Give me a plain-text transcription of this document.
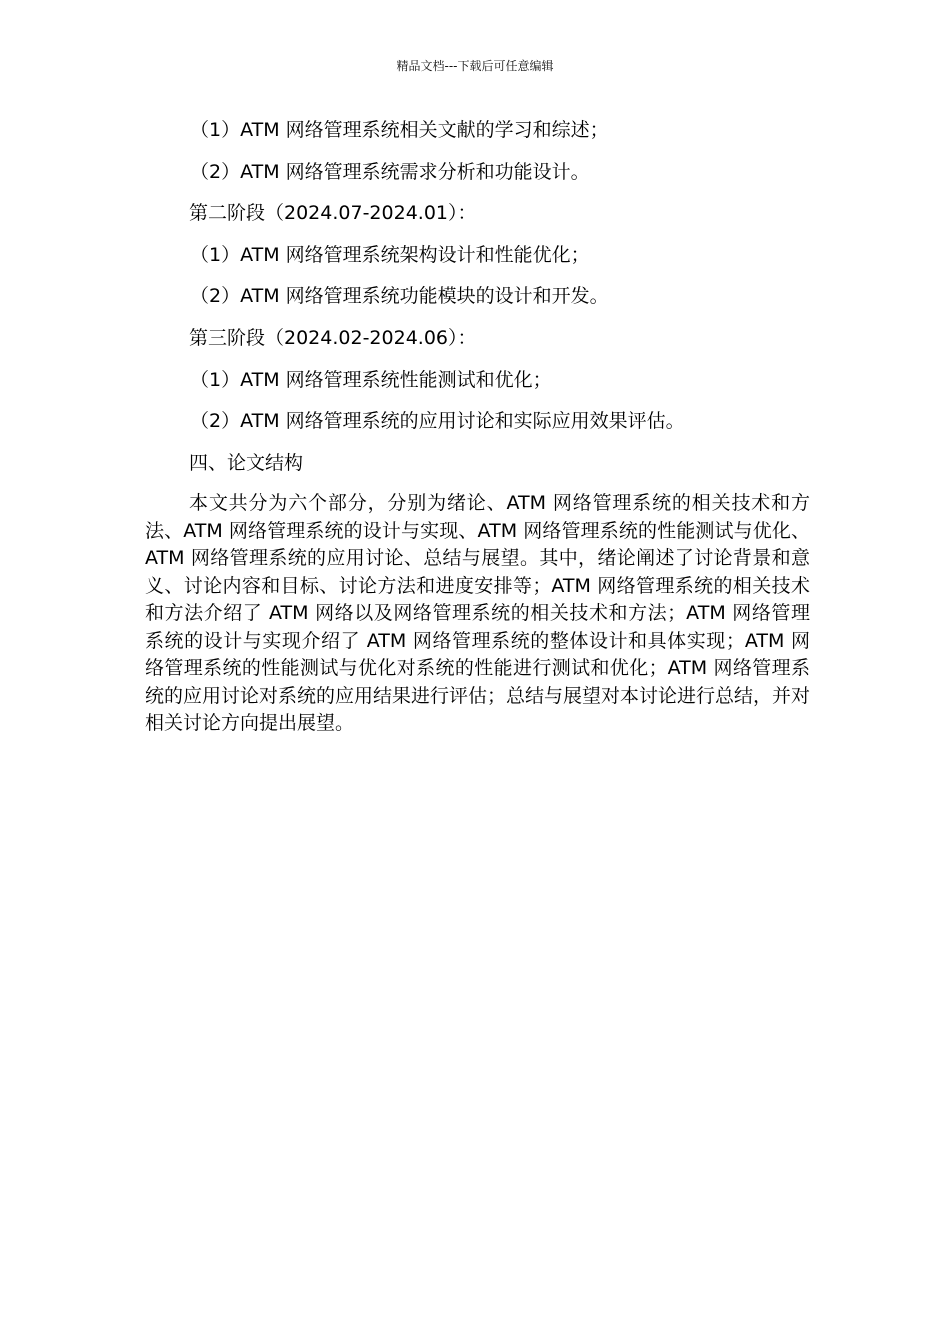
精品文档---下载后可任意编辑

（1）ATM 网络管理系统相关文献的学习和综述；

（2）ATM 网络管理系统需求分析和功能设计。

第二阶段（2024.07-2024.01）：

（1）ATM 网络管理系统架构设计和性能优化；

（2）ATM 网络管理系统功能模块的设计和开发。

第三阶段（2024.02-2024.06）：

（1）ATM 网络管理系统性能测试和优化；

（2）ATM 网络管理系统的应用讨论和实际应用效果评估。

四、论文结构

本文共分为六个部分，分别为绪论、ATM 网络管理系统的相关技术和方法、ATM 网络管理系统的设计与实现、ATM 网络管理系统的性能测试与优化、ATM 网络管理系统的应用讨论、总结与展望。其中，绪论阐述了讨论背景和意义、讨论内容和目标、讨论方法和进度安排等；ATM 网络管理系统的相关技术和方法介绍了 ATM 网络以及网络管理系统的相关技术和方法；ATM 网络管理系统的设计与实现介绍了 ATM 网络管理系统的整体设计和具体实现；ATM 网络管理系统的性能测试与优化对系统的性能进行测试和优化；ATM 网络管理系统的应用讨论对系统的应用结果进行评估；总结与展望对本讨论进行总结，并对相关讨论方向提出展望。
